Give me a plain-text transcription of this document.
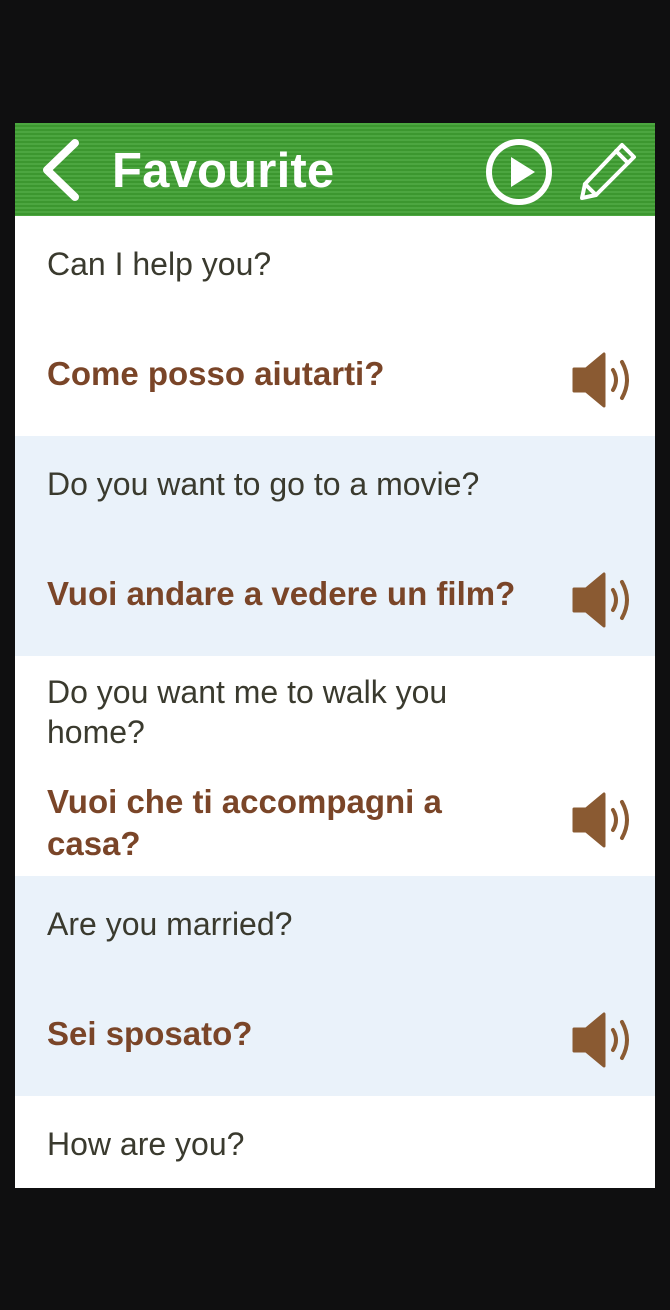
Favourite
Can I help you?
Come posso aiutarti?
Do you want to go to a movie?
Vuoi andare a vedere un film?
Do you want me to walk you home?
Vuoi che ti accompagni a casa?
Are you married?
Sei sposato?
How are you?
